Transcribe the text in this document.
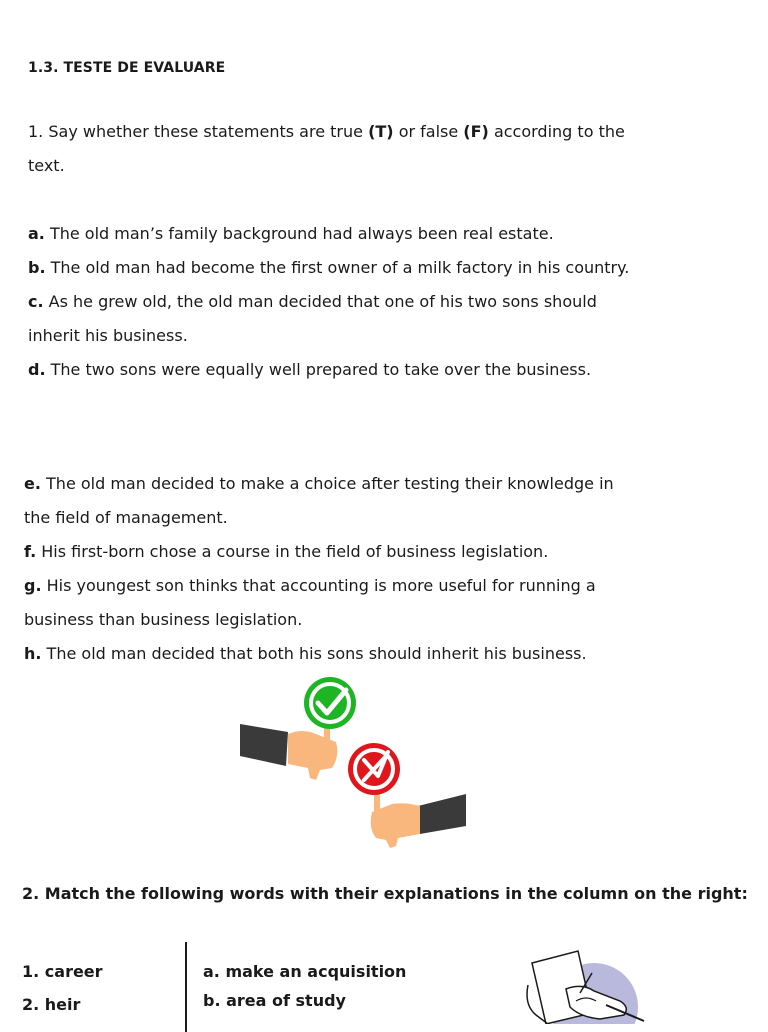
1.3. TESTE DE EVALUARE
1. Say whether these statements are true (T) or false (F) according to the text.
a. The old man’s family background had always been real estate.
b. The old man had become the first owner of a milk factory in his country.
c. As he grew old, the old man decided that one of his two sons should inherit his business.
d. The two sons were equally well prepared to take over the business.
e. The old man decided to make a choice after testing their knowledge in the field of management.
f. His first-born chose a course in the field of business legislation.
g. His youngest son thinks that accounting is more useful for running a business than business legislation.
h. The old man decided that both his sons should inherit his business.
2. Match the following words with their explanations in the column on the right:
1. career
2. heir
a. make an acquisition
b. area of study
